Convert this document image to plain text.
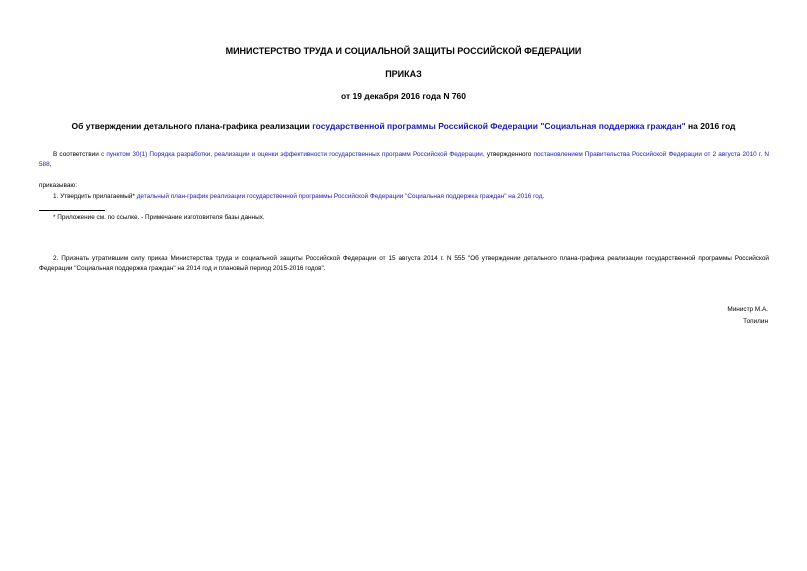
МИНИСТЕРСТВО ТРУДА И СОЦИАЛЬНОЙ ЗАЩИТЫ РОССИЙСКОЙ ФЕДЕРАЦИИ
ПРИКАЗ
от 19 декабря 2016 года N 760
Об утверждении детального плана-графика реализации государственной программы Российской Федерации "Социальная поддержка граждан" на 2016 год
В соответствии с пунктом 30(1) Порядка разработки, реализации и оценки эффективности государственных программ Российской Федерации, утвержденного постановлением Правительства Российской Федерации от 2 августа 2010 г. N 588,
приказываю:
1. Утвердить прилагаемый* детальный план-график реализации государственной программы Российской Федерации "Социальная поддержка граждан" на 2016 год.
* Приложение см. по ссылке. - Примечание изготовителя базы данных.
2. Признать утратившим силу приказ Министерства труда и социальной защиты Российской Федерации от 15 августа 2014 г. N 555 "Об утверждении детального плана-графика реализации государственной программы Российской Федерации "Социальная поддержка граждан" на 2014 год и плановый период 2015-2016 годов".
Министр М.А.
Топилин
